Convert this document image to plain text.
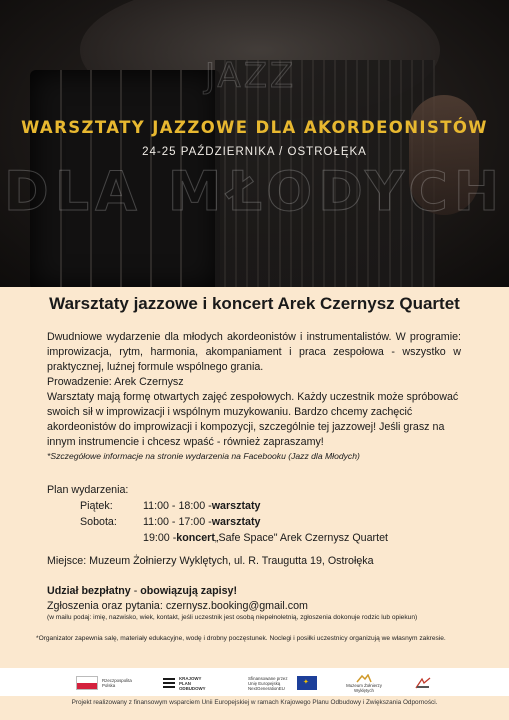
JAZZ
DLA MŁODYCH
WARSZTATY JAZZOWE DLA AKORDEONISTÓW
24-25 PAŹDZIERNIKA / OSTROŁĘKA
Warsztaty jazzowe i koncert Arek Czernysz Quartet

Dwudniowe wydarzenie dla młodych akordeonistów i instrumentalistów. W programie: improwizacja, rytm, harmonia, akompaniament i praca zespołowa - wszystko w praktycznej, luźnej formule wspólnego grania.

Prowadzenie: Arek Czernysz

Warsztaty mają formę otwartych zajęć zespołowych. Każdy uczestnik może spróbować swoich sił w improwizacji i wspólnym muzykowaniu. Bardzo chcemy zachęcić akordeonistów do improwizacji i kompozycji, szczególnie tej jazzowej! Jeśli grasz na innym instrumencie i chcesz wpaść - również zapraszamy!

*Szczegółowe informacje na stronie wydarzenia na Facebooku (Jazz dla Młodych)

Plan wydarzenia:
Piątek:	11:00 - 18:00 - warsztaty
Sobota:	11:00 - 17:00 - warsztaty
19:00 - koncert „Safe Space" Arek Czernysz Quartet
Miejsce: Muzeum Żołnierzy Wyklętych, ul. R. Traugutta 19, Ostrołęka
Udział bezpłatny - obowiązują zapisy!
Zgłoszenia oraz pytania: czernysz.booking@gmail.com
(w mailu podaj: imię, nazwisko, wiek, kontakt, jeśli uczestnik jest osobą niepełnoletnią, zgłoszenia dokonuje rodzic lub opiekun)
*Organizator zapewnia salę, materiały edukacyjne, wodę i drobny poczęstunek. Noclegi i posiłki uczestnicy organizują we własnym zakresie.
Rzeczpospolita Polska
KRAJOWY PLAN ODBUDOWY
Sfinansowane przez Unię Europejską NextGenerationEU
✦
Muzeum Żołnierzy Wyklętych
Projekt realizowany z finansowym wsparciem Unii Europejskiej w ramach Krajowego Planu Odbudowy i Zwiększania Odporności.
